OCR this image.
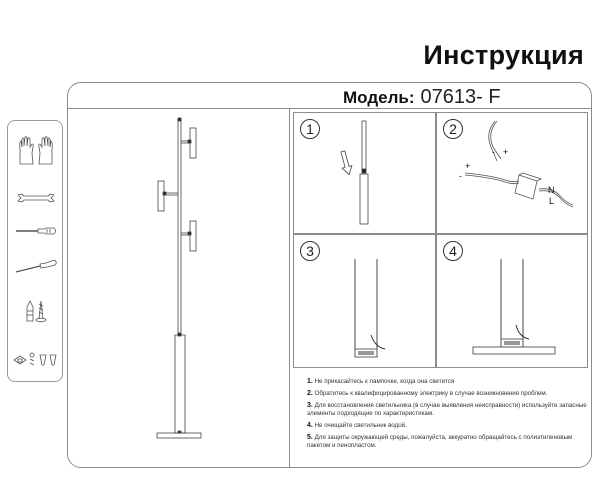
Инструкция
Модель: 07613- F
1	2
+
-
+
-
N
L
3	4
1. Не прикасайтесь к лампочке, когда она светится
2. Обратитесь к квалифицированному электрику в случае возникновения проблем.
3. Для восстановления светильника (в случае выявления неисправности) используйте запасные элементы подходящие по характеристикам.
4. Не очищайте светильник водой.
5. Для защиты окружающей среды, пожалуйста, аккуратно обращайтесь с полиэтиленовым пакетом и пенопластом.
